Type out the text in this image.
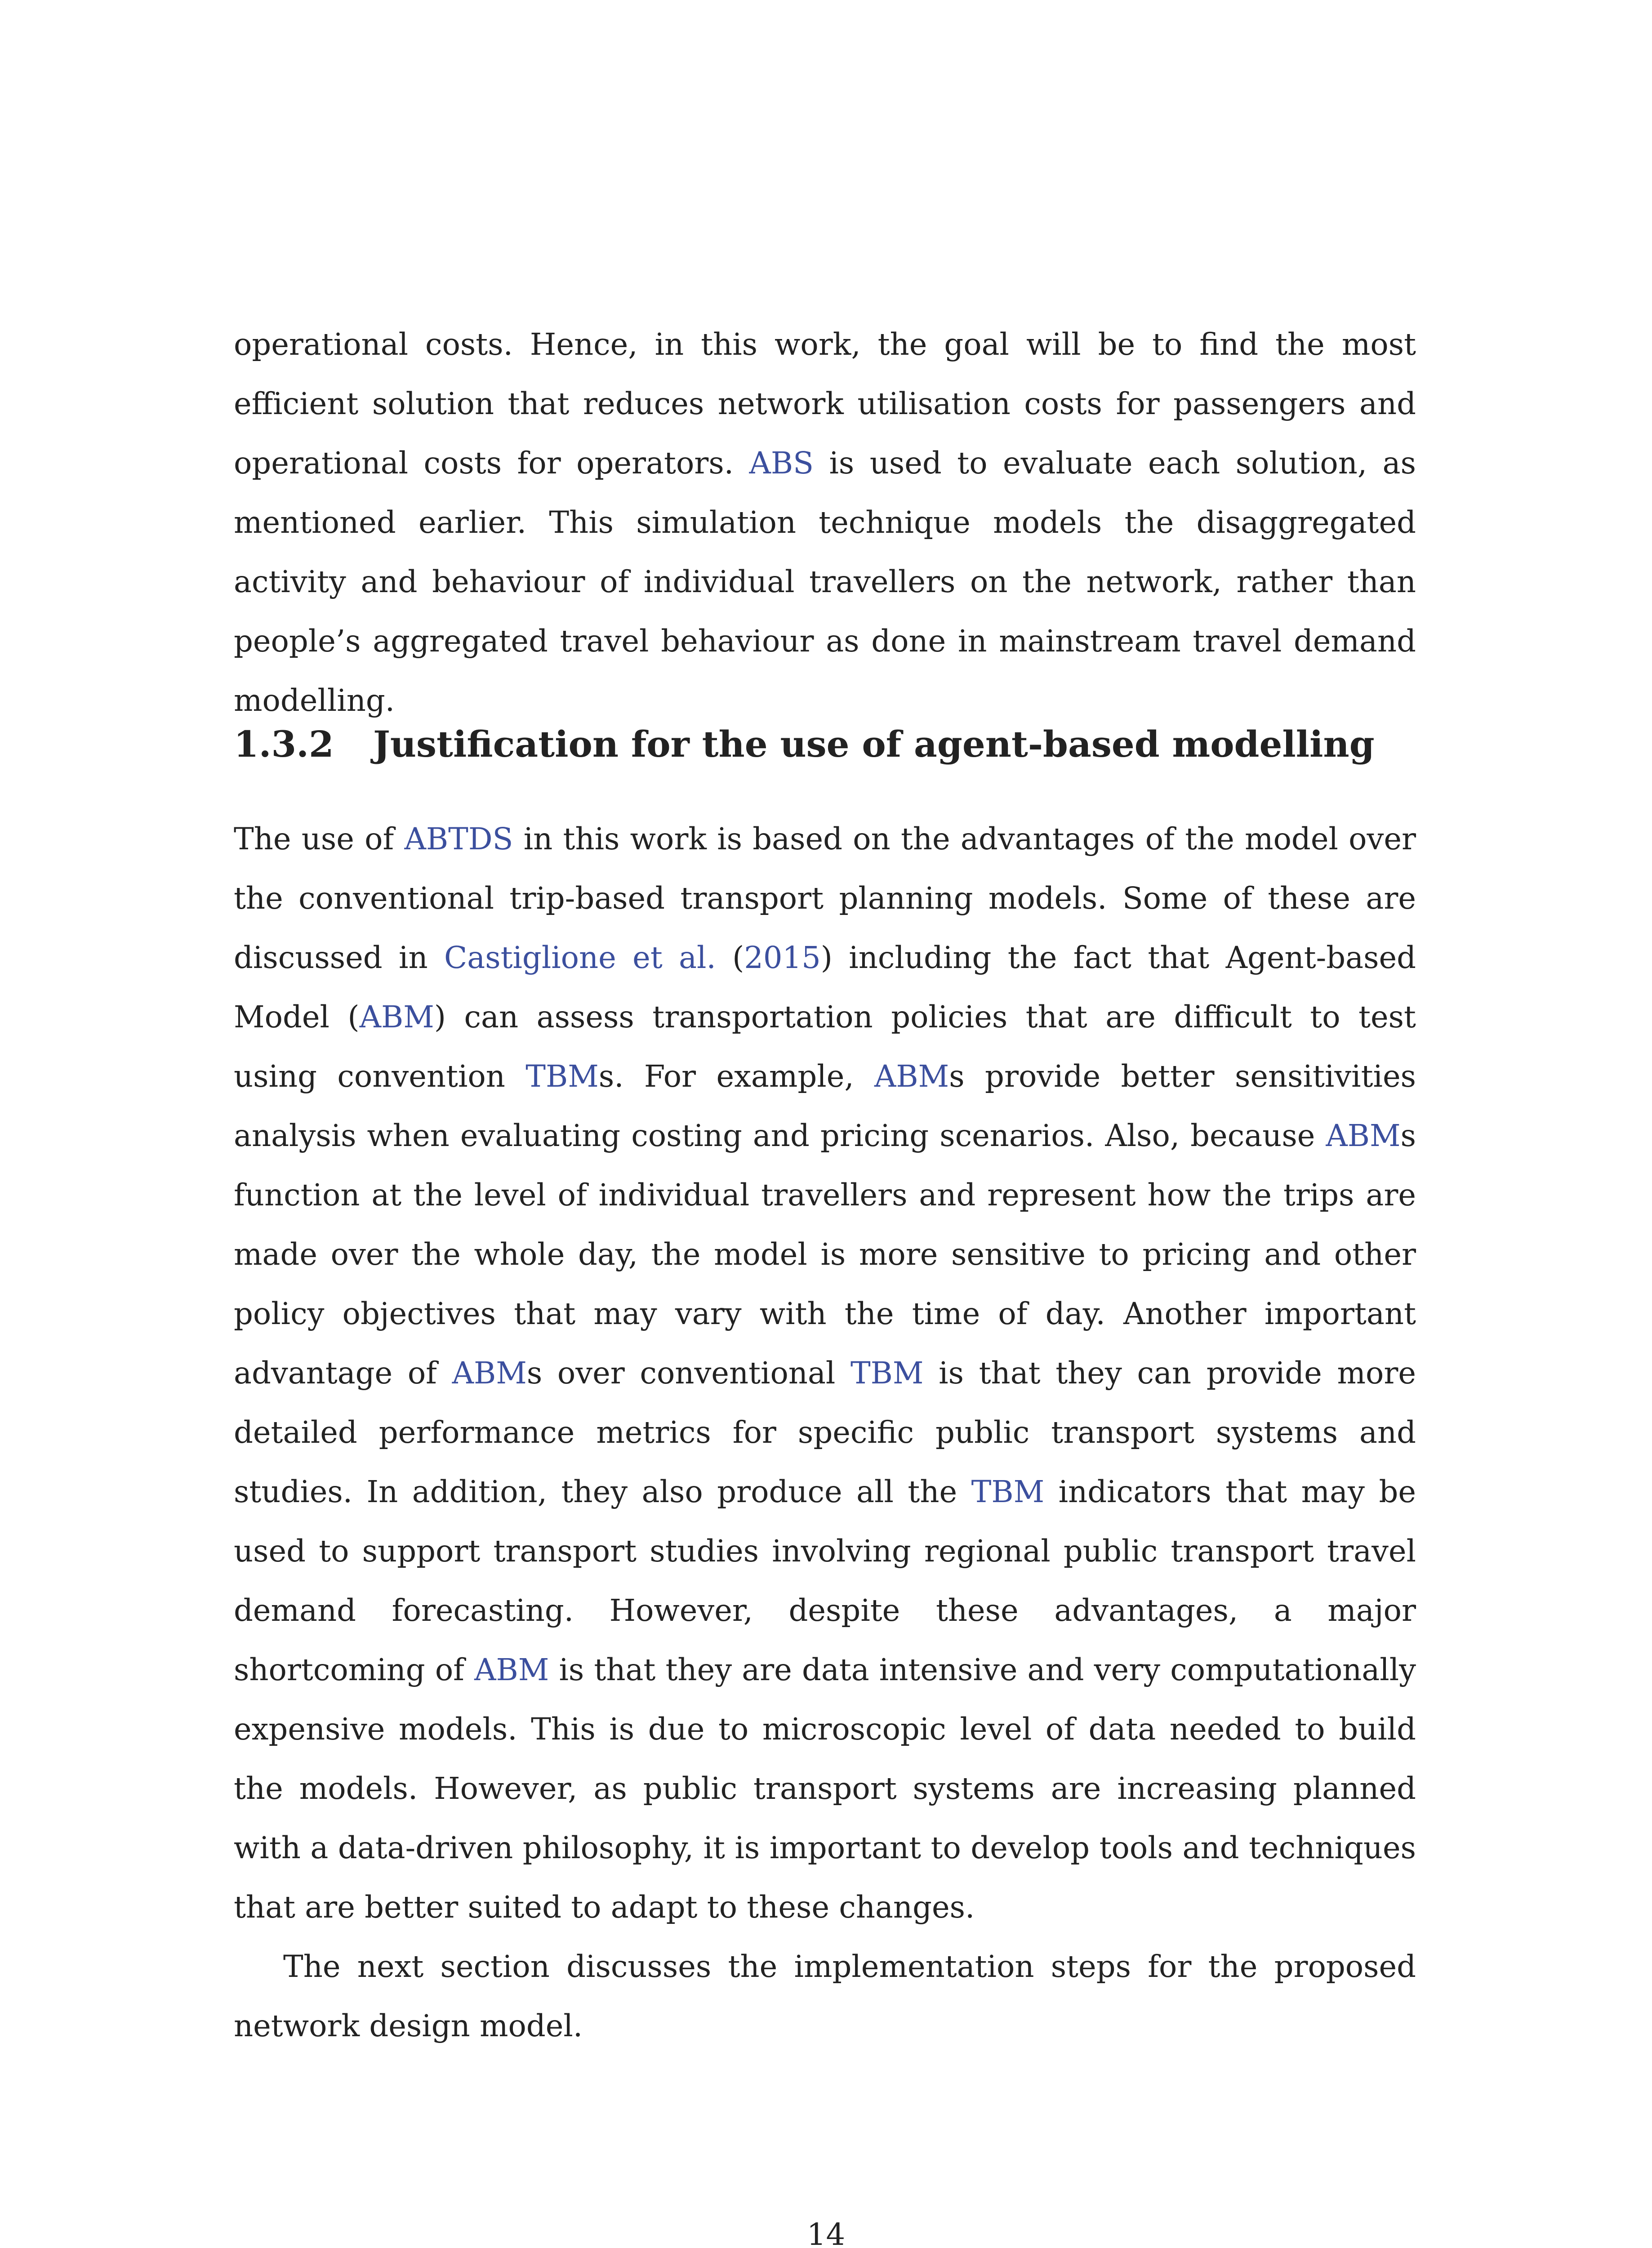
operational costs. Hence, in this work, the goal will be to find the most efficient solution that reduces network utilisation costs for passengers and operational costs for operators. ABS is used to evaluate each solution, as mentioned earlier. This simulation technique models the disaggregated activity and behaviour of individual travellers on the network, rather than people’s aggregated travel behaviour as done in mainstream travel demand modelling.

1.3.2 Justification for the use of agent-based modelling

The use of ABTDS in this work is based on the advantages of the model over the conventional trip-based transport planning models. Some of these are discussed in Castiglione et al. (2015) including the fact that Agent-based Model (ABM) can assess transportation policies that are difficult to test using convention TBMs. For example, ABMs provide better sensitivities analysis when evaluating costing and pricing scenarios. Also, because ABMs function at the level of individual travellers and represent how the trips are made over the whole day, the model is more sensitive to pricing and other policy objectives that may vary with the time of day. Another important advantage of ABMs over conventional TBM is that they can provide more detailed performance metrics for specific public transport systems and studies. In addition, they also produce all the TBM indicators that may be used to support transport studies involving regional public transport travel demand forecasting. However, despite these advantages, a major shortcoming of ABM is that they are data intensive and very computationally expensive models. This is due to microscopic level of data needed to build the models. However, as public transport systems are increasing planned with a data-driven philosophy, it is important to develop tools and techniques that are better suited to adapt to these changes.

The next section discusses the implementation steps for the proposed network design model.

14
